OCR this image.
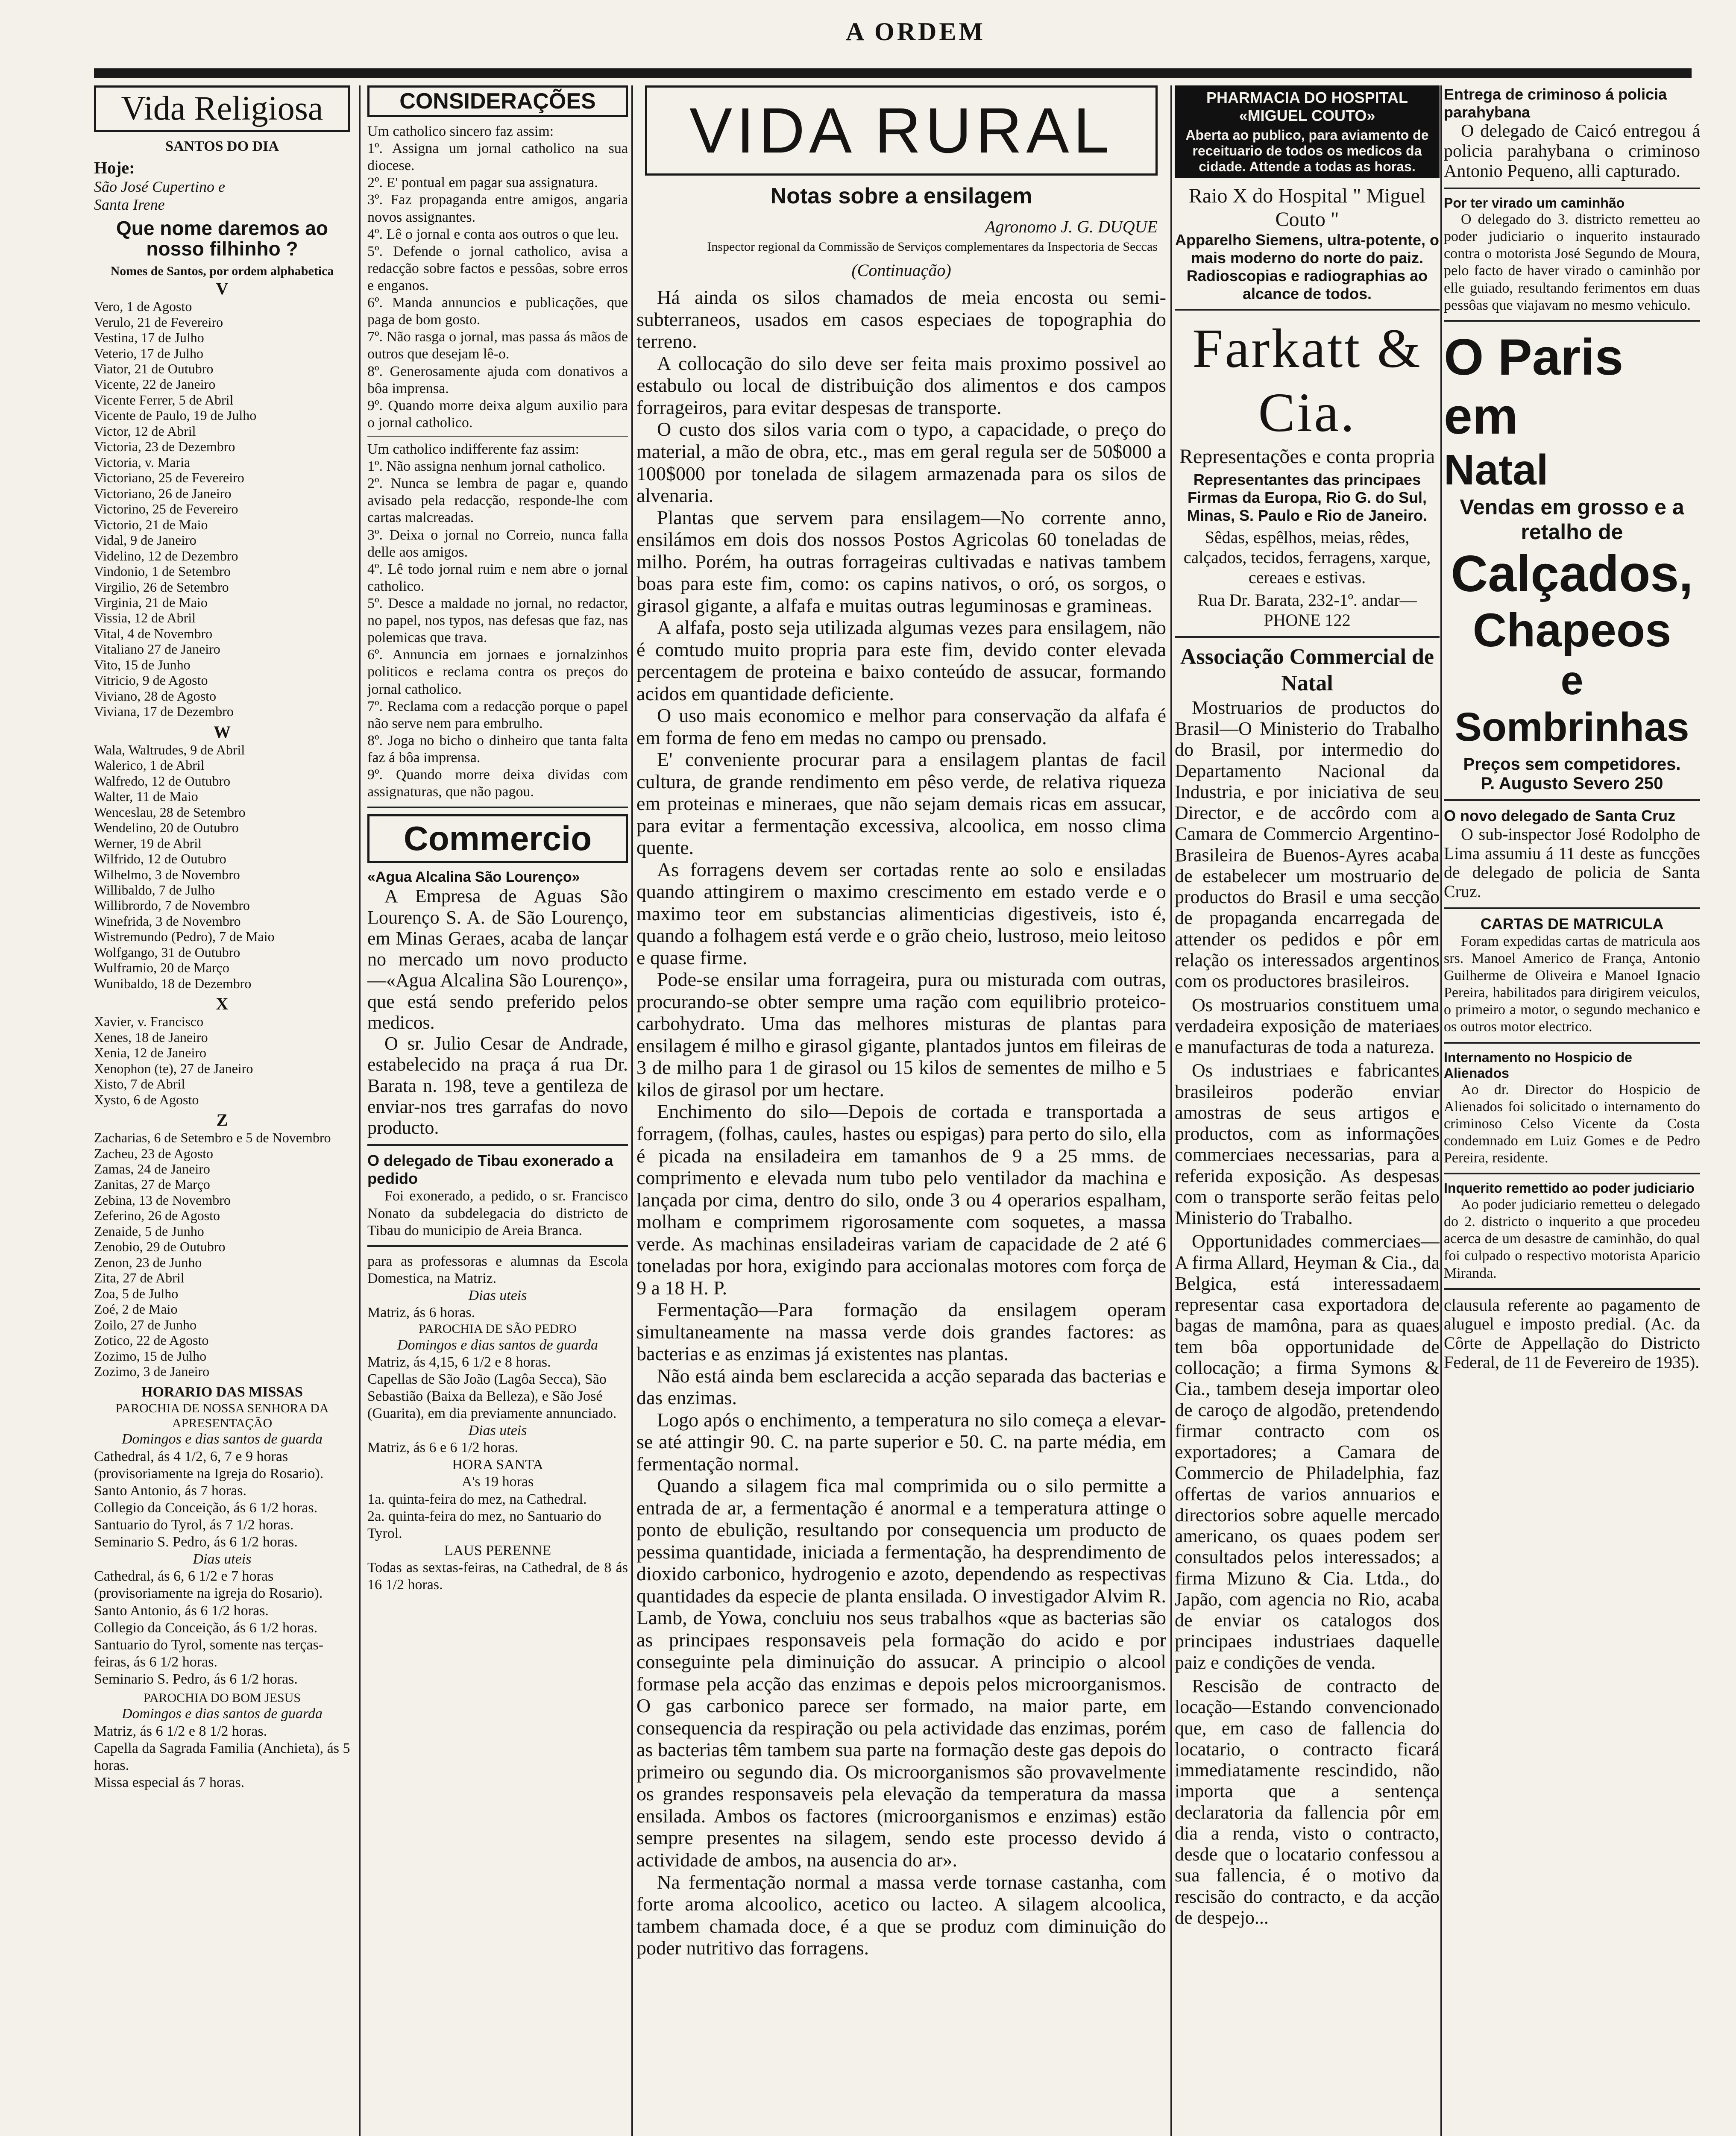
A ORDEM
Vida Religiosa
SANTOS DO DIA
Hoje:
São José Cupertino e
Santa Irene
Que nome daremos ao nosso filhinho ?
Nomes de Santos, por ordem alphabetica
V
Vero, 1 de Agosto
Verulo, 21 de Fevereiro
Vestina, 17 de Julho
Veterio, 17 de Julho
Viator, 21 de Outubro
Vicente, 22 de Janeiro
Vicente Ferrer, 5 de Abril
Vicente de Paulo, 19 de Julho
Victor, 12 de Abril
Victoria, 23 de Dezembro
Victoria, v. Maria
Victoriano, 25 de Fevereiro
Victoriano, 26 de Janeiro
Victorino, 25 de Fevereiro
Victorio, 21 de Maio
Vidal, 9 de Janeiro
Videlino, 12 de Dezembro
Vindonio, 1 de Setembro
Virgilio, 26 de Setembro
Virginia, 21 de Maio
Vissia, 12 de Abril
Vital, 4 de Novembro
Vitaliano 27 de Janeiro
Vito, 15 de Junho
Vitricio, 9 de Agosto
Viviano, 28 de Agosto
Viviana, 17 de Dezembro
W
Wala, Waltrudes, 9 de Abril
Walerico, 1 de Abril
Walfredo, 12 de Outubro
Walter, 11 de Maio
Wenceslau, 28 de Setembro
Wendelino, 20 de Outubro
Werner, 19 de Abril
Wilfrido, 12 de Outubro
Wilhelmo, 3 de Novembro
Willibaldo, 7 de Julho
Willibrordo, 7 de Novembro
Winefrida, 3 de Novembro
Wistremundo (Pedro), 7 de Maio
Wolfgango, 31 de Outubro
Wulframio, 20 de Março
Wunibaldo, 18 de Dezembro
X
Xavier, v. Francisco
Xenes, 18 de Janeiro
Xenia, 12 de Janeiro
Xenophon (te), 27 de Janeiro
Xisto, 7 de Abril
Xysto, 6 de Agosto
Z
Zacharias, 6 de Setembro e 5 de Novembro
Zacheu, 23 de Agosto
Zamas, 24 de Janeiro
Zanitas, 27 de Março
Zebina, 13 de Novembro
Zeferino, 26 de Agosto
Zenaide, 5 de Junho
Zenobio, 29 de Outubro
Zenon, 23 de Junho
Zita, 27 de Abril
Zoa, 5 de Julho
Zoé, 2 de Maio
Zoilo, 27 de Junho
Zotico, 22 de Agosto
Zozimo, 15 de Julho
Zozimo, 3 de Janeiro
HORARIO DAS MISSAS
PAROCHIA DE NOSSA SENHORA DA APRESENTAÇÃO
Domingos e dias santos de guarda
Cathedral, ás 4 1/2, 6, 7 e 9 horas (provisoriamente na Igreja do Rosario).
Santo Antonio, ás 7 horas.
Collegio da Conceição, ás 6 1/2 horas.
Santuario do Tyrol, ás 7 1/2 horas.
Seminario S. Pedro, ás 6 1/2 horas.
Dias uteis
Cathedral, ás 6, 6 1/2 e 7 horas (provisoriamente na igreja do Rosario).
Santo Antonio, ás 6 1/2 horas.
Collegio da Conceição, ás 6 1/2 horas.
Santuario do Tyrol, somente nas terças-feiras, ás 6 1/2 horas.
Seminario S. Pedro, ás 6 1/2 horas.
PAROCHIA DO BOM JESUS
Domingos e dias santos de guarda
Matriz, ás 6 1/2 e 8 1/2 horas.
Capella da Sagrada Familia (Anchieta), ás 5 horas.
Missa especial ás 7 horas.
CONSIDERAÇÕES
Um catholico sincero faz assim:
1º. Assigna um jornal catholico na sua diocese.
2º. E' pontual em pagar sua assignatura.
3º. Faz propaganda entre amigos, angaria novos assignantes.
4º. Lê o jornal e conta aos outros o que leu.
5º. Defende o jornal catholico, avisa a redacção sobre factos e pessôas, sobre erros e enganos.
6º. Manda annuncios e publicações, que paga de bom gosto.
7º. Não rasga o jornal, mas passa ás mãos de outros que desejam lê-o.
8º. Generosamente ajuda com donativos a bôa imprensa.
9º. Quando morre deixa algum auxilio para o jornal catholico.
Um catholico indifferente faz assim:
1º. Não assigna nenhum jornal catholico.
2º. Nunca se lembra de pagar e, quando avisado pela redacção, responde-lhe com cartas malcreadas.
3º. Deixa o jornal no Correio, nunca falla delle aos amigos.
4º. Lê todo jornal ruim e nem abre o jornal catholico.
5º. Desce a maldade no jornal, no redactor, no papel, nos typos, nas defesas que faz, nas polemicas que trava.
6º. Annuncia em jornaes e jornalzinhos politicos e reclama contra os preços do jornal catholico.
7º. Reclama com a redacção porque o papel não serve nem para embrulho.
8º. Joga no bicho o dinheiro que tanta falta faz á bôa imprensa.
9º. Quando morre deixa dividas com assignaturas, que não pagou.
Commercio
«Agua Alcalina São Lourenço»
A Empresa de Aguas São Lourenço S. A. de São Lourenço, em Minas Geraes, acaba de lançar no mercado um novo producto—«Agua Alcalina São Lourenço», que está sendo preferido pelos medicos.
O sr. Julio Cesar de Andrade, estabelecido na praça á rua Dr. Barata n. 198, teve a gentileza de enviar-nos tres garrafas do novo producto.
O delegado de Tibau exonerado a pedido
Foi exonerado, a pedido, o sr. Francisco Nonato da subdelegacia do districto de Tibau do municipio de Areia Branca.
para as professoras e alumnas da Escola Domestica, na Matriz.
Dias uteis
Matriz, ás 6 horas.
PAROCHIA DE SÃO PEDRO
Domingos e dias santos de guarda
Matriz, ás 4,15, 6 1/2 e 8 horas.
Capellas de São João (Lagôa Secca), São Sebastião (Baixa da Belleza), e São José (Guarita), em dia previamente annunciado.
Dias uteis
Matriz, ás 6 e 6 1/2 horas.
HORA SANTA
A's 19 horas
1a. quinta-feira do mez, na Cathedral.
2a. quinta-feira do mez, no Santuario do Tyrol.
LAUS PERENNE
Todas as sextas-feiras, na Cathedral, de 8 ás 16 1/2 horas.
VIDA RURAL
Notas sobre a ensilagem
Agronomo J. G. DUQUE
Inspector regional da Commissão de Serviços complementares da Inspectoria de Seccas
(Continuação)

Há ainda os silos chamados de meia encosta ou semi-subterraneos, usados em casos especiaes de topographia do terreno.

A collocação do silo deve ser feita mais proximo possivel ao estabulo ou local de distribuição dos alimentos e dos campos forrageiros, para evitar despesas de transporte.

O custo dos silos varia com o typo, a capacidade, o preço do material, a mão de obra, etc., mas em geral regula ser de 50$000 a 100$000 por tonelada de silagem armazenada para os silos de alvenaria.

Plantas que servem para ensilagem—No corrente anno, ensilámos em dois dos nossos Postos Agricolas 60 toneladas de milho. Porém, ha outras forrageiras cultivadas e nativas tambem boas para este fim, como: os capins nativos, o oró, os sorgos, o girasol gigante, a alfafa e muitas outras leguminosas e gramineas.

A alfafa, posto seja utilizada algumas vezes para ensilagem, não é comtudo muito propria para este fim, devido conter elevada percentagem de proteina e baixo conteúdo de assucar, formando acidos em quantidade deficiente.

O uso mais economico e melhor para conservação da alfafa é em forma de feno em medas no campo ou prensado.

E' conveniente procurar para a ensilagem plantas de facil cultura, de grande rendimento em pêso verde, de relativa riqueza em proteinas e mineraes, que não sejam demais ricas em assucar, para evitar a fermentação excessiva, alcoolica, em nosso clima quente.

As forragens devem ser cortadas rente ao solo e ensiladas quando attingirem o maximo crescimento em estado verde e o maximo teor em substancias alimenticias digestiveis, isto é, quando a folhagem está verde e o grão cheio, lustroso, meio leitoso e quase firme.

Pode-se ensilar uma forrageira, pura ou misturada com outras, procurando-se obter sempre uma ração com equilibrio proteico-carbohydrato. Uma das melhores misturas de plantas para ensilagem é milho e girasol gigante, plantados juntos em fileiras de 3 de milho para 1 de girasol ou 15 kilos de sementes de milho e 5 kilos de girasol por um hectare.

Enchimento do silo—Depois de cortada e transportada a forragem, (folhas, caules, hastes ou espigas) para perto do silo, ella é picada na ensiladeira em tamanhos de 9 a 25 mms. de comprimento e elevada num tubo pelo ventilador da machina e lançada por cima, dentro do silo, onde 3 ou 4 operarios espalham, molham e comprimem rigorosamente com soquetes, a massa verde. As machinas ensiladeiras variam de capacidade de 2 até 6 toneladas por hora, exigindo para accionalas motores com força de 9 a 18 H. P.

Fermentação—Para formação da ensilagem operam simultaneamente na massa verde dois grandes factores: as bacterias e as enzimas já existentes nas plantas.

Não está ainda bem esclarecida a acção separada das bacterias e das enzimas.

Logo após o enchimento, a temperatura no silo começa a elevar-se até attingir 90. C. na parte superior e 50. C. na parte média, em fermentação normal.

Quando a silagem fica mal comprimida ou o silo permitte a entrada de ar, a fermentação é anormal e a temperatura attinge o ponto de ebulição, resultando por consequencia um producto de pessima quantidade, iniciada a fermentação, ha desprendimento de dioxido carbonico, hydrogenio e azoto, dependendo as respectivas quantidades da especie de planta ensilada. O investigador Alvim R. Lamb, de Yowa, concluiu nos seus trabalhos «que as bacterias são as principaes responsaveis pela formação do acido e por conseguinte pela diminuição do assucar. A principio o alcool formase pela acção das enzimas e depois pelos microorganismos. O gas carbonico parece ser formado, na maior parte, em consequencia da respiração ou pela actividade das enzimas, porém as bacterias têm tambem sua parte na formação deste gas depois do primeiro ou segundo dia. Os microorganismos são provavelmente os grandes responsaveis pela elevação da temperatura da massa ensilada. Ambos os factores (microorganismos e enzimas) estão sempre presentes na silagem, sendo este processo devido á actividade de ambos, na ausencia do ar».

Na fermentação normal a massa verde tornase castanha, com forte aroma alcoolico, acetico ou lacteo. A silagem alcoolica, tambem chamada doce, é a que se produz com diminuição do poder nutritivo das forragens.

PHARMACIA DO HOSPITAL «MIGUEL COUTO»
Aberta ao publico, para aviamento de receituario de todos os medicos da cidade. Attende a todas as horas.
Raio X do Hospital " Miguel Couto "
Apparelho Siemens, ultra-potente, o mais moderno do norte do paiz. Radioscopias e radiographias ao alcance de todos.
Farkatt & Cia.
Representações e conta propria
Representantes das principaes Firmas da Europa, Rio G. do Sul, Minas, S. Paulo e Rio de Janeiro.
Sêdas, espêlhos, meias, rêdes, calçados, tecidos, ferragens, xarque, cereaes e estivas.
Rua Dr. Barata, 232-1º. andar—PHONE 122
Associação Commercial de Natal

Mostruarios de productos do Brasil—O Ministerio do Trabalho do Brasil, por intermedio do Departamento Nacional da Industria, e por iniciativa de seu Director, e de accôrdo com a Camara de Commercio Argentino-Brasileira de Buenos-Ayres acaba de estabelecer um mostruario de productos do Brasil e uma secção de propaganda encarregada de attender os pedidos e pôr em relação os interessados argentinos com os productores brasileiros.

Os mostruarios constituem uma verdadeira exposição de materiaes e manufacturas de toda a natureza.

Os industriaes e fabricantes brasileiros poderão enviar amostras de seus artigos e productos, com as informações commerciaes necessarias, para a referida exposição. As despesas com o transporte serão feitas pelo Ministerio do Trabalho.

Opportunidades commerciaes—A firma Allard, Heyman & Cia., da Belgica, está interessadaem representar casa exportadora de bagas de mamôna, para as quaes tem bôa opportunidade de collocação; a firma Symons & Cia., tambem deseja importar oleo de caroço de algodão, pretendendo firmar contracto com os exportadores; a Camara de Commercio de Philadelphia, faz offertas de varios annuarios e directorios sobre aquelle mercado americano, os quaes podem ser consultados pelos interessados; a firma Mizuno & Cia. Ltda., do Japão, com agencia no Rio, acaba de enviar os catalogos dos principaes industriaes daquelle paiz e condições de venda.

Rescisão de contracto de locação—Estando convencionado que, em caso de fallencia do locatario, o contracto ficará immediatamente rescindido, não importa que a sentença declaratoria da fallencia pôr em dia a renda, visto o contracto, desde que o locatario confessou a sua fallencia, é o motivo da rescisão do contracto, e da acção de despejo...

Entrega de criminoso á policia parahybana
O delegado de Caicó entregou á policia parahybana o criminoso Antonio Pequeno, alli capturado.
Por ter virado um caminhão
O delegado do 3. districto remetteu ao poder judiciario o inquerito instaurado contra o motorista José Segundo de Moura, pelo facto de haver virado o caminhão por elle guiado, resultando ferimentos em duas pessôas que viajavam no mesmo vehiculo.
O Paris em
Natal
Vendas em grosso e a retalho de
Calçados,
Chapeos
e Sombrinhas
Preços sem competidores.
P. Augusto Severo 250
O novo delegado de Santa Cruz
O sub-inspector José Rodolpho de Lima assumiu á 11 deste as funcções de delegado de policia de Santa Cruz.
CARTAS DE MATRICULA
Foram expedidas cartas de matricula aos srs. Manoel Americo de França, Antonio Guilherme de Oliveira e Manoel Ignacio Pereira, habilitados para dirigirem veiculos, o primeiro a motor, o segundo mechanico e os outros motor electrico.
Internamento no Hospicio de Alienados
Ao dr. Director do Hospicio de Alienados foi solicitado o internamento do criminoso Celso Vicente da Costa condemnado em Luiz Gomes e de Pedro Pereira, residente.
Inquerito remettido ao poder judiciario
Ao poder judiciario remetteu o delegado do 2. districto o inquerito a que procedeu acerca de um desastre de caminhão, do qual foi culpado o respectivo motorista Aparicio Miranda.
clausula referente ao pagamento de aluguel e imposto predial. (Ac. da Côrte de Appellação do Districto Federal, de 11 de Fevereiro de 1935).
